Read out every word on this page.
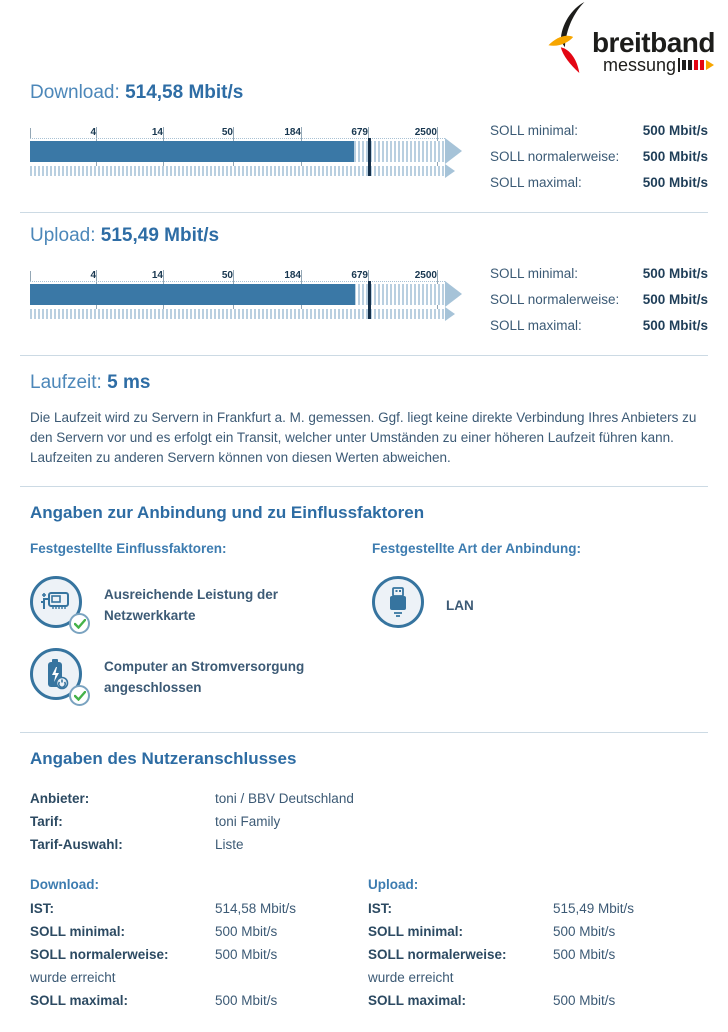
breitband
messung
Download: 514,58 Mbit/s
4	14	50	184	679	2500	SOLL minimal:	500 Mbit/s
SOLL normalerweise: 500 Mbit/s
SOLL maximal:	500 Mbit/s
Upload: 515,49 Mbit/s
4	14	50	184	679	2500	SOLL minimal:	500 Mbit/s
SOLL normalerweise: 500 Mbit/s
SOLL maximal:	500 Mbit/s
Laufzeit: 5 ms

Die Laufzeit wird zu Servern in Frankfurt a. M. gemessen. Ggf. liegt keine direkte Verbindung Ihres Anbieters zu den Servern vor und es erfolgt ein Transit, welcher unter Umständen zu einer höheren Laufzeit führen kann. Laufzeiten zu anderen Servern können von diesen Werten abweichen.

Angaben zur Anbindung und zu Einflussfaktoren
Festgestellte Einflussfaktoren:
Ausreichende Leistung der Netzwerkkarte
Computer an Stromversorgung angeschlossen
Festgestellte Art der Anbindung:
LAN
Angaben des Nutzeranschlusses
Anbieter:	toni / BBV Deutschland
Tarif:	toni Family
Tarif-Auswahl:	Liste
Download:
IST:	514,58 Mbit/s
SOLL minimal:	500 Mbit/s
SOLL normalerweise:	500 Mbit/s
wurde erreicht
SOLL maximal:	500 Mbit/s
Upload:
IST:	515,49 Mbit/s
SOLL minimal:	500 Mbit/s
SOLL normalerweise:	500 Mbit/s
wurde erreicht
SOLL maximal:	500 Mbit/s
